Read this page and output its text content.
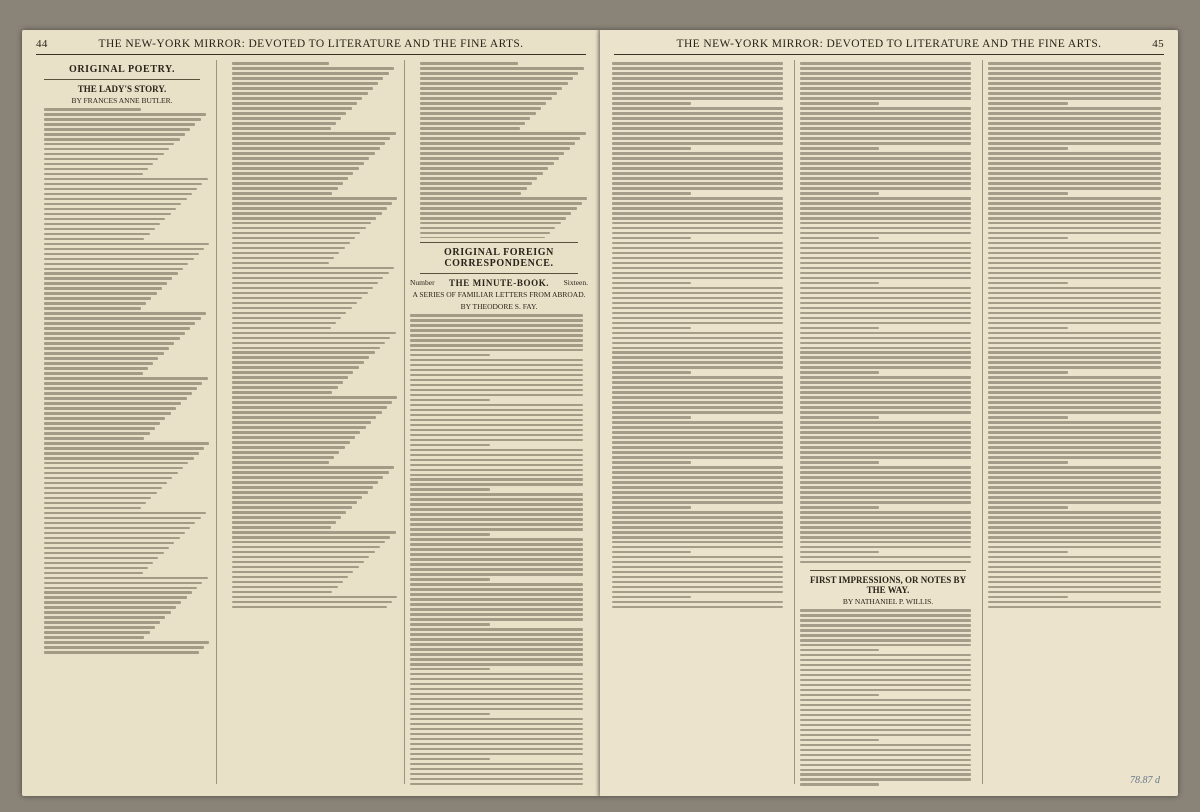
44	THE NEW-YORK MIRROR: DEVOTED TO LITERATURE AND THE FINE ARTS.
ORIGINAL POETRY.
THE LADY'S STORY.
BY FRANCES ANNE BUTLER.
ORIGINAL FOREIGN CORRESPONDENCE.
Number THE MINUTE-BOOK. Sixteen.
A SERIES OF FAMILIAR LETTERS FROM ABROAD.
BY THEODORE S. FAY.
THE NEW-YORK MIRROR: DEVOTED TO LITERATURE AND THE FINE ARTS.	45
FIRST IMPRESSIONS, OR NOTES BY THE WAY.
BY NATHANIEL P. WILLIS.
78.87 d
